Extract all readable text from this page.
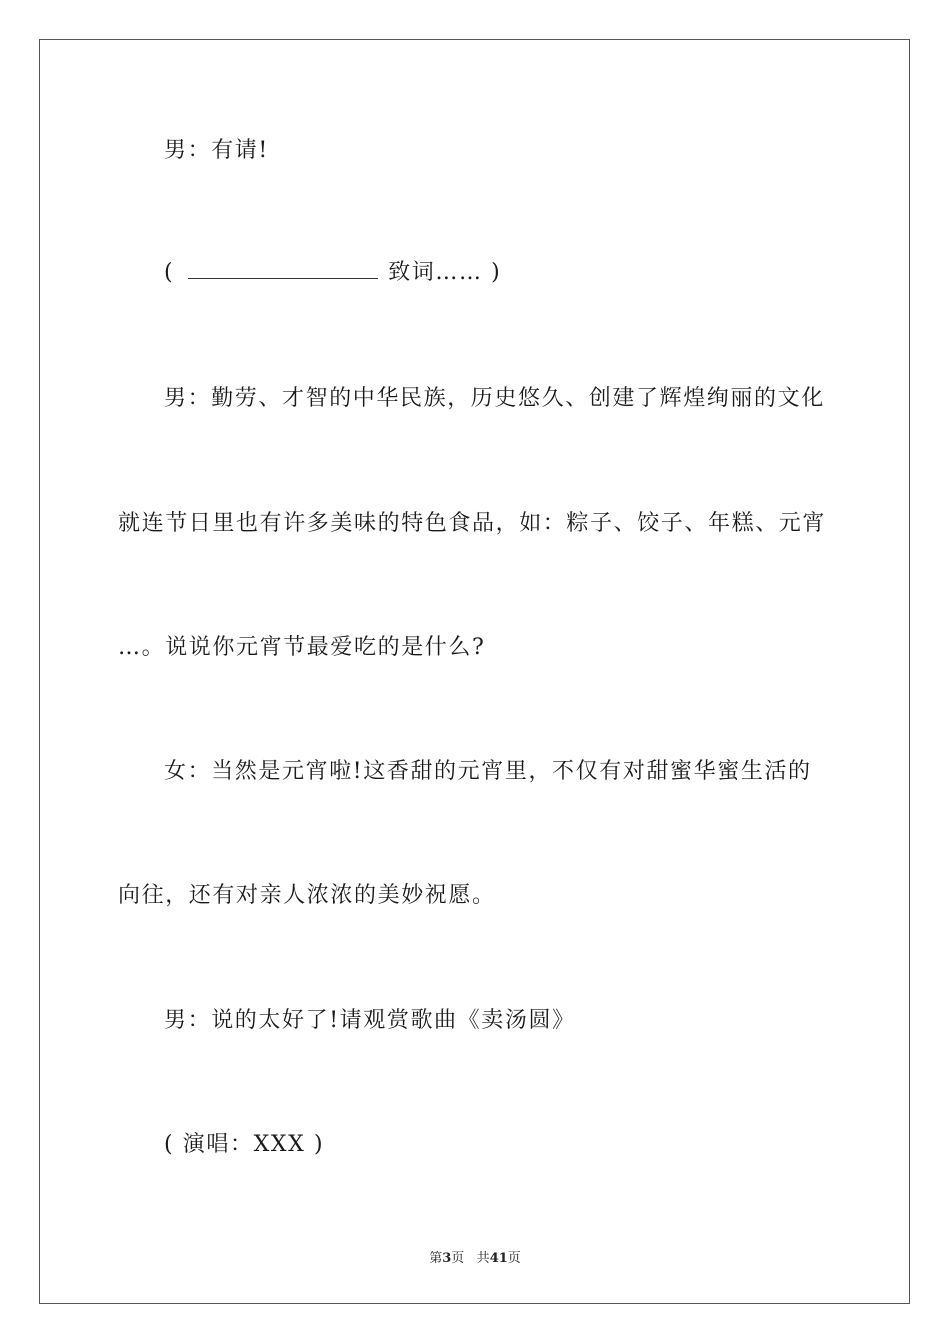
男：有请!
(	致词…… )
男：勤劳、才智的中华民族，历史悠久、创建了辉煌绚丽的文化
就连节日里也有许多美味的特色食品，如：粽子、饺子、年糕、元宵
…。说说你元宵节最爱吃的是什么?
女：当然是元宵啦!这香甜的元宵里，不仅有对甜蜜华蜜生活的
向往，还有对亲人浓浓的美妙祝愿。
男：说的太好了!请观赏歌曲《卖汤圆》
( 演唱：XXX )
第3页 共41页
